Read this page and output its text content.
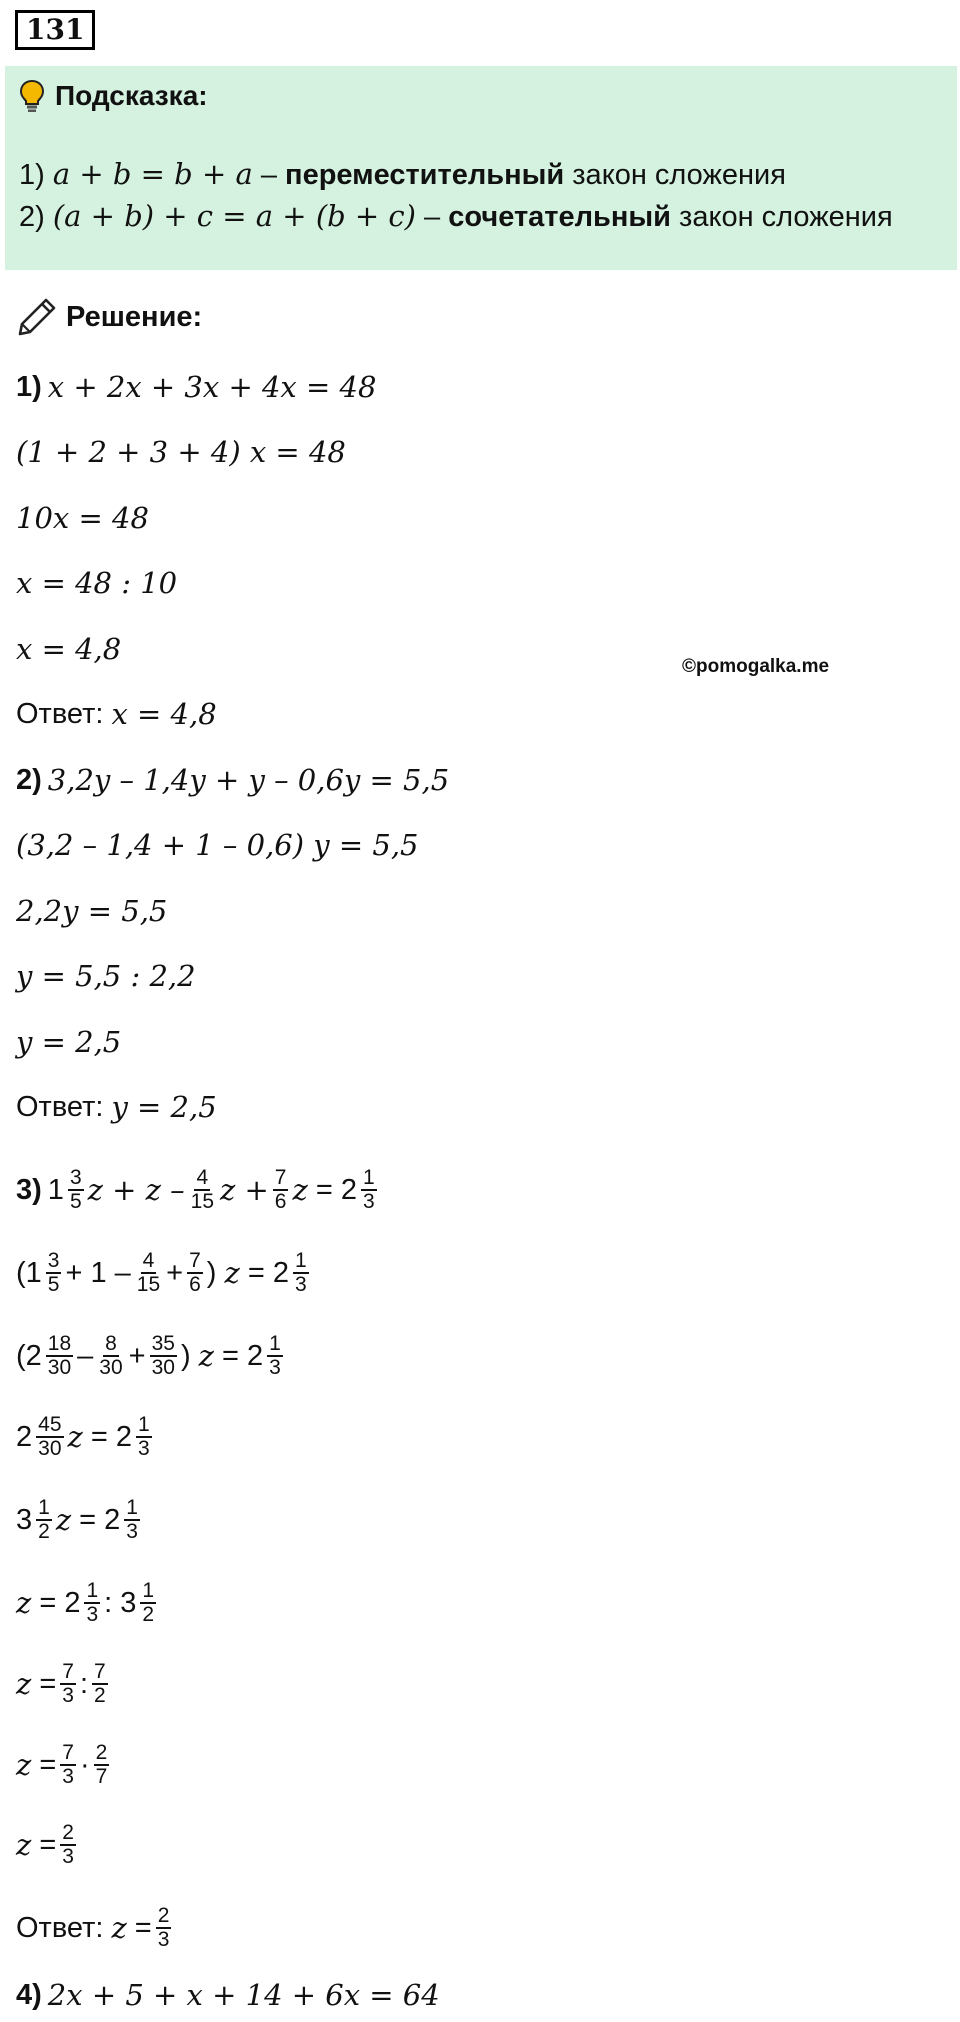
131
Подсказка:
1) a + b = b + a – переместительный закон сложения
2) (a + b) + c = a + (b + c) – сочетательный закон сложения
Решение:
©pomogalka.me
1) x + 2x + 3x + 4x = 48
(1 + 2 + 3 + 4) x = 48
10x = 48
x = 48 : 10
x = 4,8
Ответ: x = 4,8
2) 3,2y – 1,4y + y – 0,6y = 5,5
(3,2 – 1,4 + 1 – 0,6) y = 5,5
2,2y = 5,5
y = 5,5 : 2,2
y = 2,5
Ответ: y = 2,5
3) $1 \frac{3}{5}$ $z + z - \frac{4}{15}$ $z + \frac{7}{6}$ $z = 2 \frac{1}{3}$
($1 \frac{3}{5} + 1 - \frac{4}{15} + \frac{7}{6}$ ) $z = 2 \frac{1}{3}$
($2 \frac{18}{30} - \frac{8}{30} + \frac{35}{30}$ ) $z = 2 \frac{1}{3}$
$2 \frac{45}{30}$ $z = 2 \frac{1}{3}$
$3 \frac{1}{2}$ $z = 2 \frac{1}{3}$
$z = 2 \frac{1}{3}$ : $3 \frac{1}{2}$
$z = \frac{7}{3}$ : $\frac{7}{2}$
$z = \frac{7}{3} \cdot \frac{2}{7}$
$z = \frac{2}{3}$
Ответ: $z = \frac{2}{3}$
4) 2x + 5 + x + 14 + 6x = 64
